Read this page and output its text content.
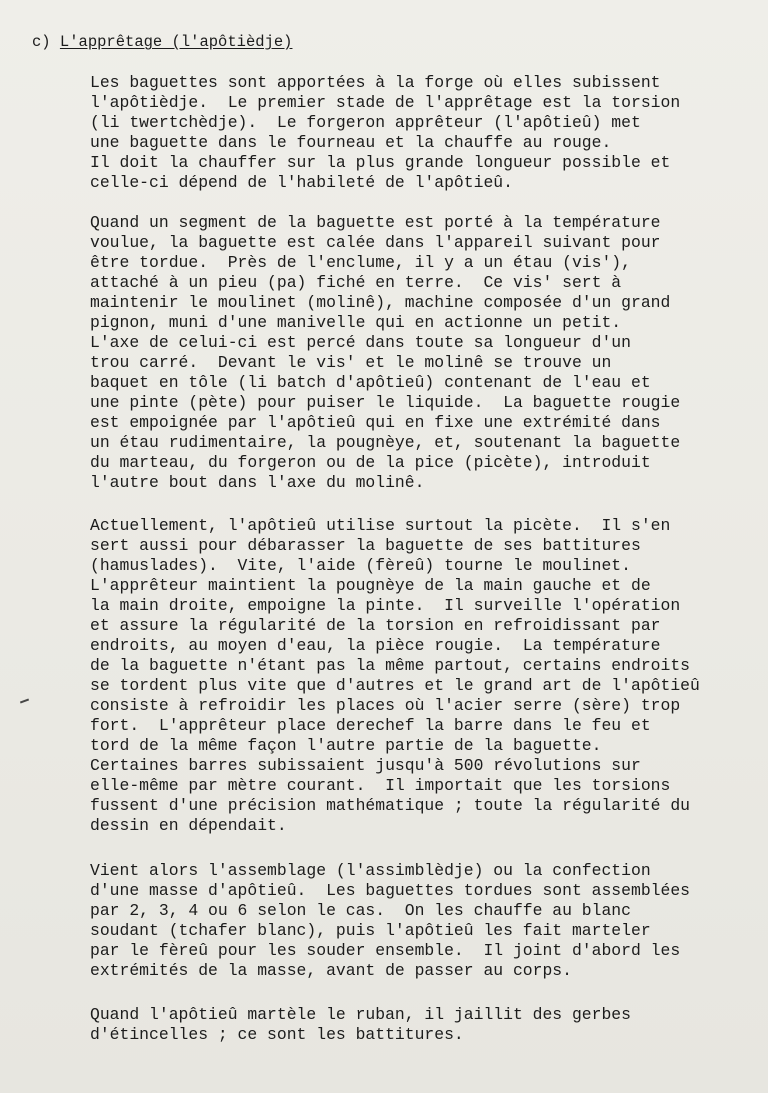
c) L'apprêtage (l'apôtièdje)
Les baguettes sont apportées à la forge où elles subissent
l'apôtièdje.  Le premier stade de l'apprêtage est la torsion
(li twertchèdje).  Le forgeron apprêteur (l'apôtieû) met
une baguette dans le fourneau et la chauffe au rouge.
Il doit la chauffer sur la plus grande longueur possible et
celle-ci dépend de l'habileté de l'apôtieû.
Quand un segment de la baguette est porté à la température
voulue, la baguette est calée dans l'appareil suivant pour
être tordue.  Près de l'enclume, il y a un étau (vis'),
attaché à un pieu (pa) fiché en terre.  Ce vis' sert à
maintenir le moulinet (molinê), machine composée d'un grand
pignon, muni d'une manivelle qui en actionne un petit.
L'axe de celui-ci est percé dans toute sa longueur d'un
trou carré.  Devant le vis' et le molinê se trouve un
baquet en tôle (li batch d'apôtieû) contenant de l'eau et
une pinte (pète) pour puiser le liquide.  La baguette rougie
est empoignée par l'apôtieû qui en fixe une extrémité dans
un étau rudimentaire, la pougnèye, et, soutenant la baguette
du marteau, du forgeron ou de la pice (picète), introduit
l'autre bout dans l'axe du molinê.
Actuellement, l'apôtieû utilise surtout la picète.  Il s'en
sert aussi pour débarasser la baguette de ses battitures
(hamuslades).  Vite, l'aide (fèreû) tourne le moulinet.
L'apprêteur maintient la pougnèye de la main gauche et de
la main droite, empoigne la pinte.  Il surveille l'opération
et assure la régularité de la torsion en refroidissant par
endroits, au moyen d'eau, la pièce rougie.  La température
de la baguette n'étant pas la même partout, certains endroits
se tordent plus vite que d'autres et le grand art de l'apôtieû
consiste à refroidir les places où l'acier serre (sère) trop
fort.  L'apprêteur place derechef la barre dans le feu et
tord de la même façon l'autre partie de la baguette.
Certaines barres subissaient jusqu'à 500 révolutions sur
elle-même par mètre courant.  Il importait que les torsions
fussent d'une précision mathématique ; toute la régularité du
dessin en dépendait.
Vient alors l'assemblage (l'assimblèdje) ou la confection
d'une masse d'apôtieû.  Les baguettes tordues sont assemblées
par 2, 3, 4 ou 6 selon le cas.  On les chauffe au blanc
soudant (tchafer blanc), puis l'apôtieû les fait marteler
par le fèreû pour les souder ensemble.  Il joint d'abord les
extrémités de la masse, avant de passer au corps.
Quand l'apôtieû martèle le ruban, il jaillit des gerbes
d'étincelles ; ce sont les battitures.
